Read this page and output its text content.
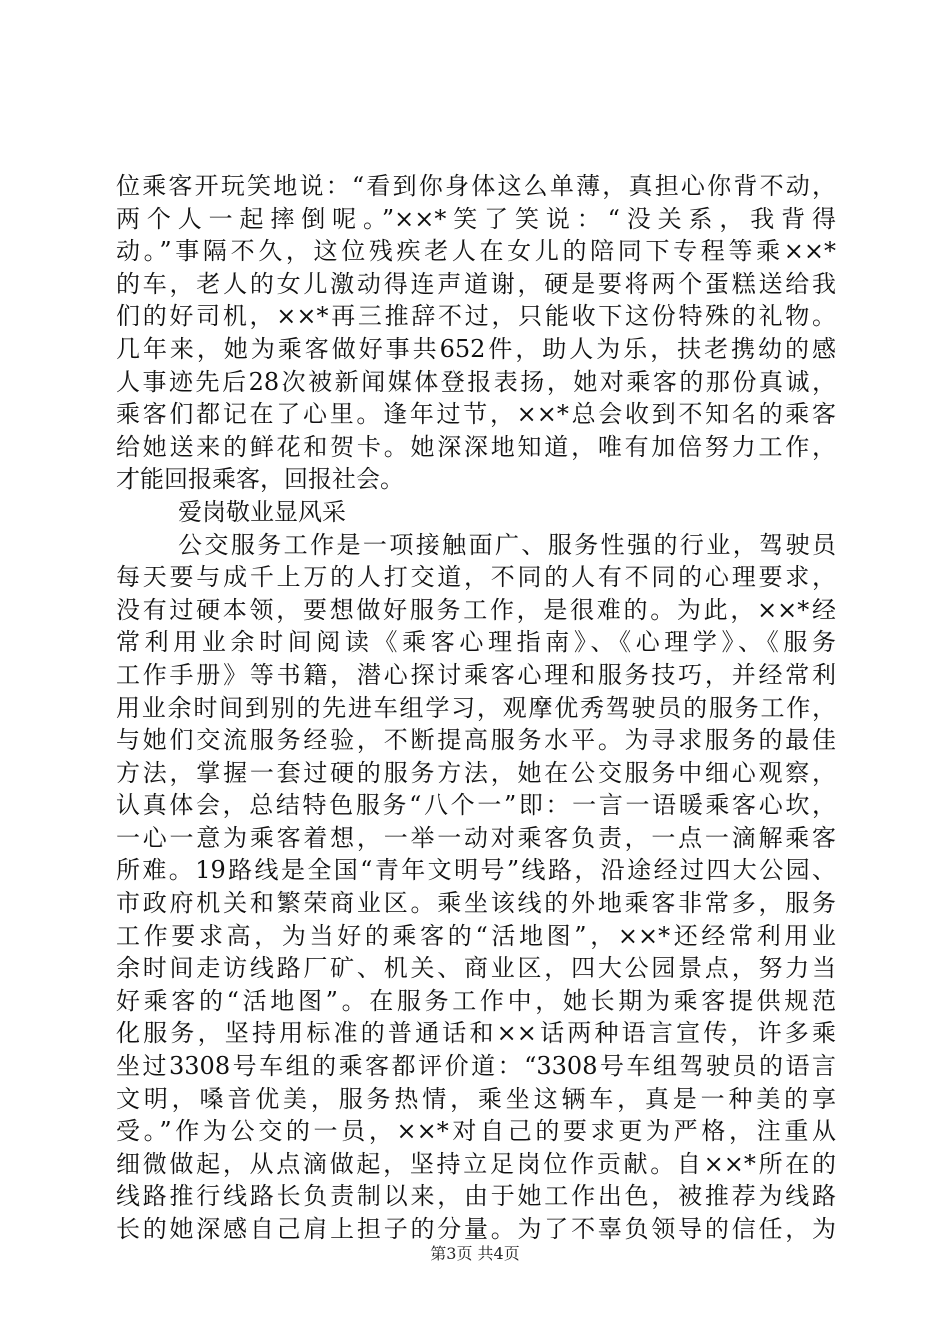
位乘客开玩笑地说：“看到你身体这么单薄，真担心你背不动，
两个人一起摔倒呢。”××*笑了笑说：“没关系，我背得
动。”事隔不久，这位残疾老人在女儿的陪同下专程等乘××*
的车，老人的女儿激动得连声道谢，硬是要将两个蛋糕送给我
们的好司机，××*再三推辞不过，只能收下这份特殊的礼物。
几年来，她为乘客做好事共652件，助人为乐，扶老携幼的感
人事迹先后28次被新闻媒体登报表扬，她对乘客的那份真诚，
乘客们都记在了心里。逢年过节，××*总会收到不知名的乘客
给她送来的鲜花和贺卡。她深深地知道，唯有加倍努力工作，
才能回报乘客，回报社会。
爱岗敬业显风采
公交服务工作是一项接触面广、服务性强的行业，驾驶员
每天要与成千上万的人打交道，不同的人有不同的心理要求，
没有过硬本领，要想做好服务工作，是很难的。为此，××*经
常利用业余时间阅读《乘客心理指南》、《心理学》、《服务
工作手册》等书籍，潜心探讨乘客心理和服务技巧，并经常利
用业余时间到别的先进车组学习，观摩优秀驾驶员的服务工作，
与她们交流服务经验，不断提高服务水平。为寻求服务的最佳
方法，掌握一套过硬的服务方法，她在公交服务中细心观察，
认真体会，总结特色服务“八个一”即：一言一语暖乘客心坎，
一心一意为乘客着想，一举一动对乘客负责，一点一滴解乘客
所难。19路线是全国“青年文明号”线路，沿途经过四大公园、
市政府机关和繁荣商业区。乘坐该线的外地乘客非常多，服务
工作要求高，为当好的乘客的“活地图”，××*还经常利用业
余时间走访线路厂矿、机关、商业区，四大公园景点，努力当
好乘客的“活地图”。在服务工作中，她长期为乘客提供规范
化服务，坚持用标准的普通话和××话两种语言宣传，许多乘
坐过3308号车组的乘客都评价道：“3308号车组驾驶员的语言
文明，嗓音优美，服务热情，乘坐这辆车，真是一种美的享
受。”作为公交的一员，××*对自己的要求更为严格，注重从
细微做起，从点滴做起，坚持立足岗位作贡献。自××*所在的
线路推行线路长负责制以来，由于她工作出色，被推荐为线路
长的她深感自己肩上担子的分量。为了不辜负领导的信任，为
第3页 共4页
